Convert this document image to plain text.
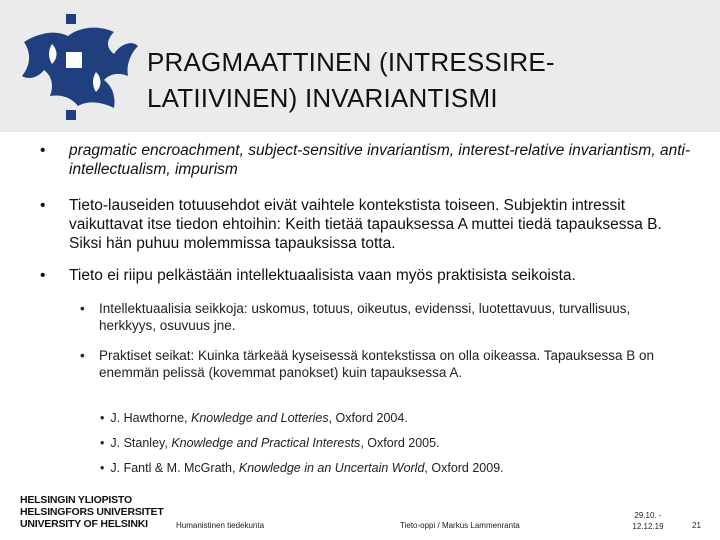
PRAGMAATTINEN (INTRESSIRE-LATIIVINEN) INVARIANTISMI
• pragmatic encroachment, subject-sensitive invariantism, interest-relative invariantism, anti-intellectualism, impurism
• Tieto-lauseiden totuusehdot eivät vaihtele kontekstista toiseen. Subjektin intressit vaikuttavat itse tiedon ehtoihin: Keith tietää tapauksessa A muttei tiedä tapauksessa B. Siksi hän puhuu molemmissa tapauksissa totta.
• Tieto ei riipu pelkästään intellektuaalisista vaan myös praktisista seikoista.
• Intellektuaalisia seikkoja: uskomus, totuus, oikeutus, evidenssi, luotettavuus, turvallisuus, herkkyys, osuvuus jne.
• Praktiset seikat: Kuinka tärkeää kyseisessä kontekstissa on olla oikeassa. Tapauksessa B on enemmän pelissä (kovemmat panokset) kuin tapauksessa A.
• J. Hawthorne, Knowledge and Lotteries, Oxford 2004.
• J. Stanley, Knowledge and Practical Interests, Oxford 2005.
• J. Fantl & M. McGrath, Knowledge in an Uncertain World, Oxford 2009.
HELSINGIN YLIOPISTO
HELSINGFORS UNIVERSITET
UNIVERSITY OF HELSINKI	Humanistinen tiedekunta	Tieto-oppi / Markus Lammenranta
29.10. -
12.12.19	21
